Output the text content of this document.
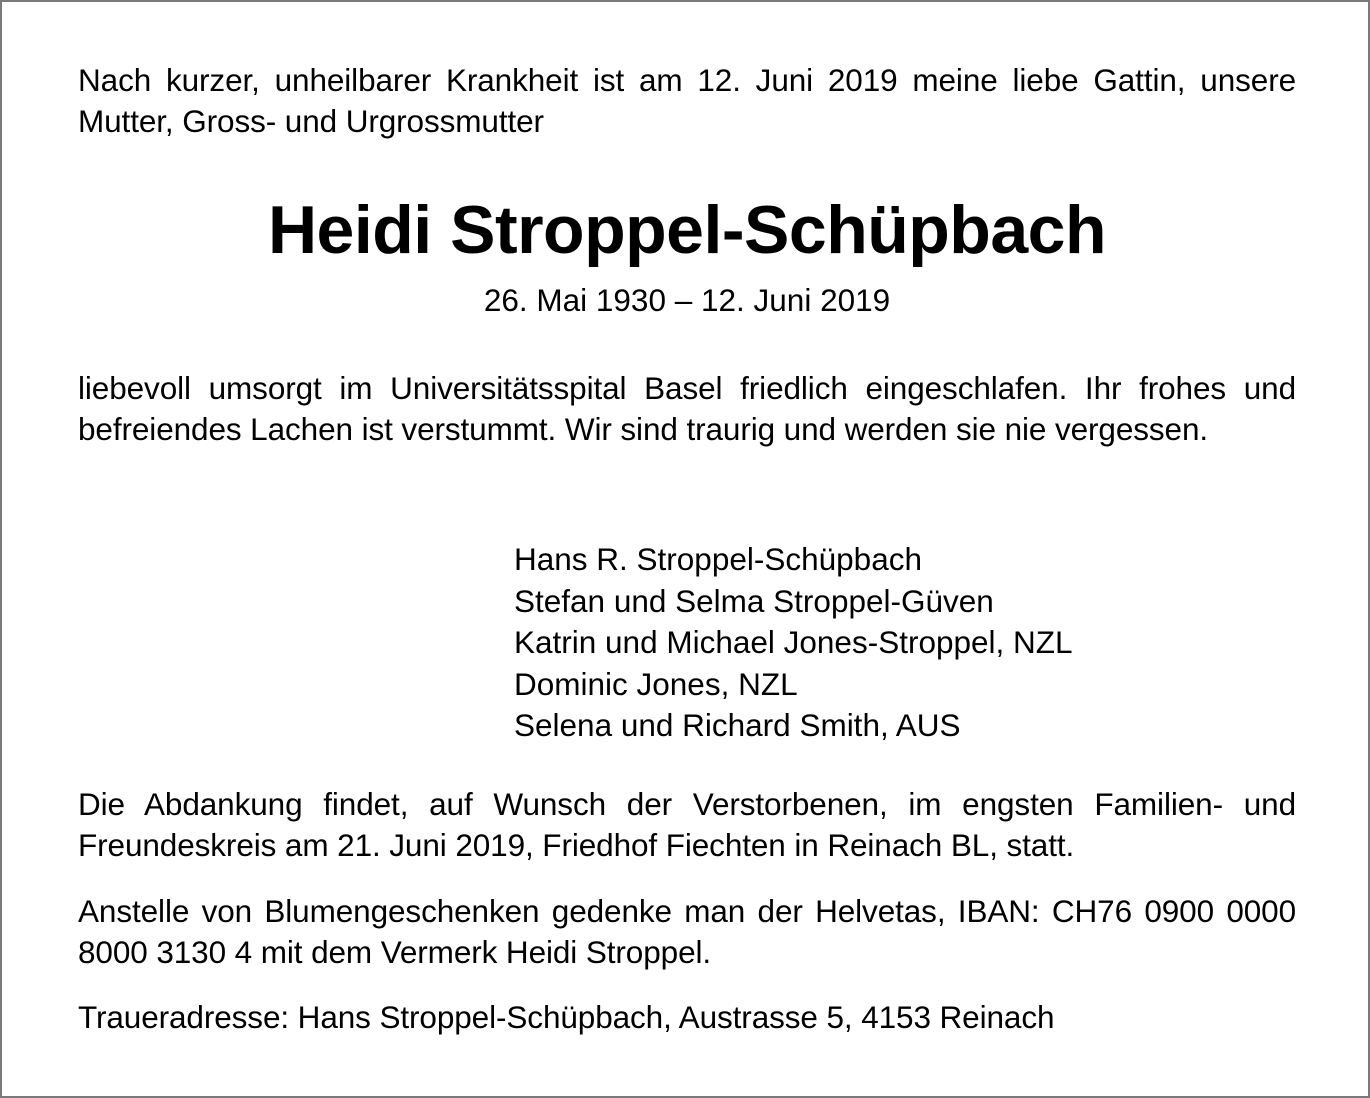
Nach kurzer, unheilbarer Krankheit ist am 12. Juni 2019 meine liebe Gattin, unsere Mutter, Gross- und Urgrossmutter

Heidi Stroppel-Schüpbach

26. Mai 1930 – 12. Juni 2019

liebevoll umsorgt im Universitätsspital Basel friedlich eingeschlafen. Ihr frohes und befreiendes Lachen ist verstummt. Wir sind traurig und werden sie nie vergessen.

Hans R. Stroppel-Schüpbach
Stefan und Selma Stroppel-Güven
Katrin und Michael Jones-Stroppel, NZL
Dominic Jones, NZL
Selena und Richard Smith, AUS

Die Abdankung findet, auf Wunsch der Verstorbenen, im engsten Familien- und Freundeskreis am 21. Juni 2019, Friedhof Fiechten in Reinach BL, statt.

Anstelle von Blumengeschenken gedenke man der Helvetas, IBAN: CH76 0900 0000 8000 3130 4 mit dem Vermerk Heidi Stroppel.

Traueradresse: Hans Stroppel-Schüpbach, Austrasse 5, 4153 Reinach
